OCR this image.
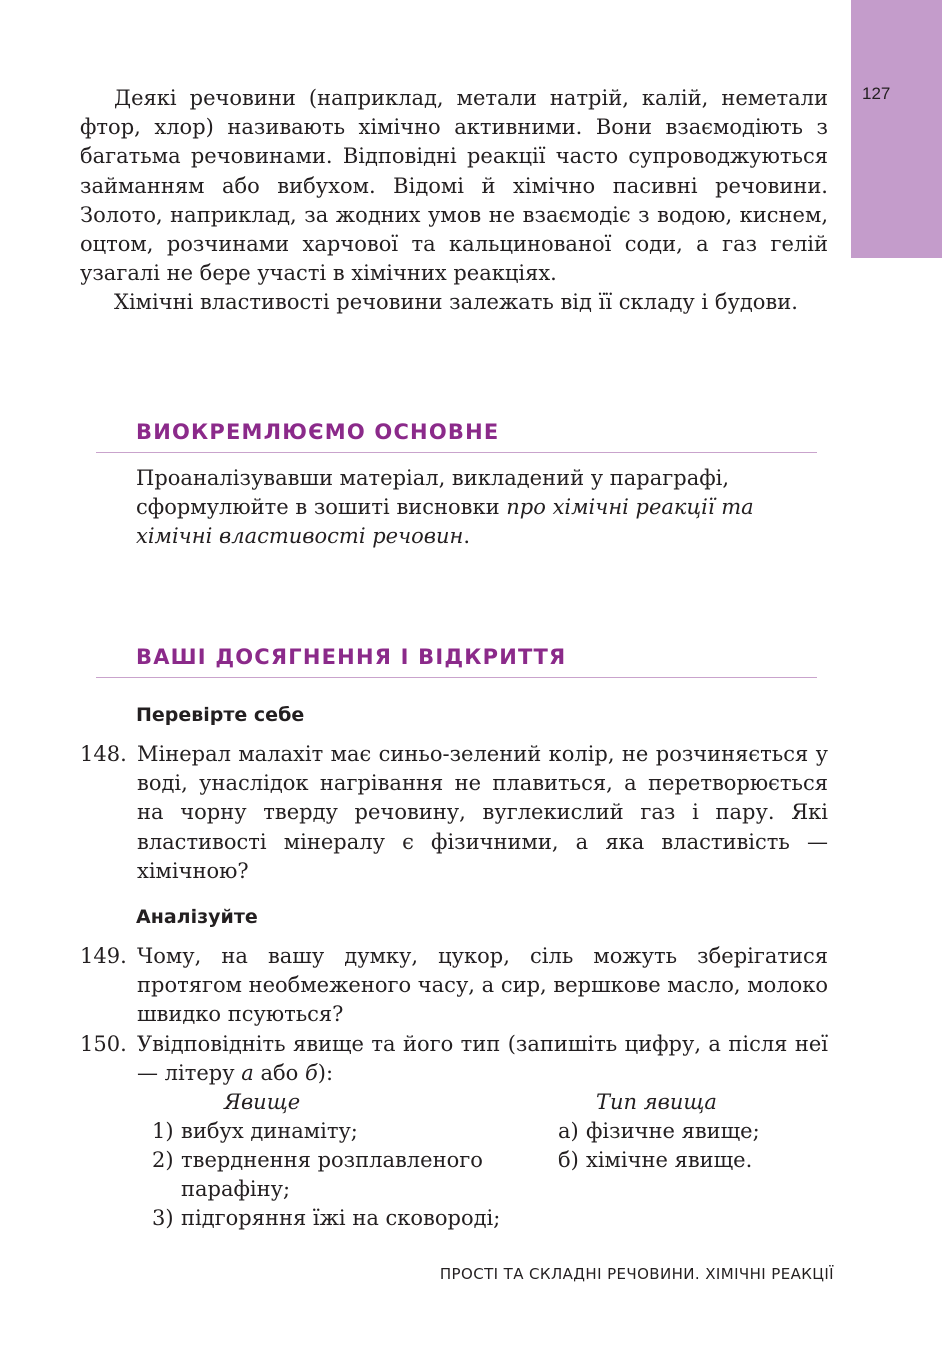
127

Деякі речовини (наприклад, метали натрій, калій, неметали фтор, хлор) називають хімічно активними. Вони взаємодіють з багатьма речовинами. Відповідні реакції часто супроводжуються займанням або вибухом. Відомі й хімічно пасивні речовини. Золото, наприклад, за жодних умов не взаємодіє з водою, киснем, оцтом, розчинами харчової та кальцинованої соди, а газ гелій узагалі не бере участі в хімічних реакціях.

Хімічні властивості речовини залежать від її складу і будови.

ВИОКРЕМЛЮЄМО ОСНОВНЕ
Проаналізувавши матеріал, викладений у параграфі, сформулюйте в зошиті висновки про хімічні реакції та хімічні властивості речовин.
ВАШІ ДОСЯГНЕННЯ І ВІДКРИТТЯ
Перевірте себе
148. Мінерал малахіт має синьо-зелений колір, не розчиняється у воді, унаслідок нагрівання не плавиться, а перетворюється на чорну тверду речовину, вуглекислий газ і пару. Які властивості мінералу є фізичними, а яка властивість — хімічною?
Аналізуйте
149. Чому, на вашу думку, цукор, сіль можуть зберігатися протягом необмеженого часу, а сир, вершкове масло, молоко швидко псуються?
150. Увідповідніть явище та його тип (запишіть цифру, а після неї — літеру а або б):
Явище	Тип явища
1) вибух динаміту;
2) тверднення розплавленого
парафіну;
3) підгоряння їжі на сковороді;
а) фізичне явище;
б) хімічне явище.
ПРОСТІ ТА СКЛАДНІ РЕЧОВИНИ. ХІМІЧНІ РЕАКЦІЇ
